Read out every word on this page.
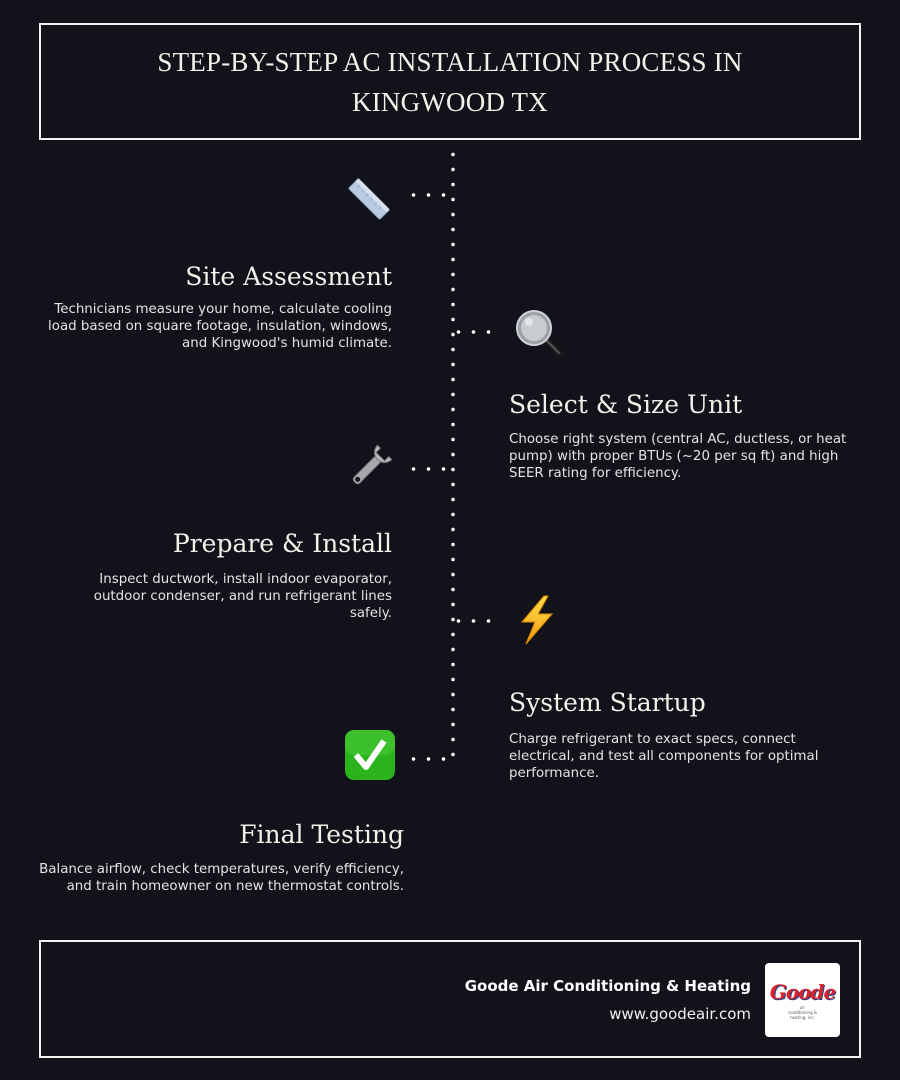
STEP-BY-STEP AC INSTALLATION PROCESS IN KINGWOOD TX
Site Assessment

Technicians measure your home, calculate cooling load based on square footage, insulation, windows, and Kingwood's humid climate.

Select & Size Unit

Choose right system (central AC, ductless, or heat pump) with proper BTUs (~20 per sq ft) and high SEER rating for efficiency.

Prepare & Install

Inspect ductwork, install indoor evaporator, outdoor condenser, and run refrigerant lines safely.

System Startup

Charge refrigerant to exact specs, connect electrical, and test all components for optimal performance.

Final Testing

Balance airflow, check temperatures, verify efficiency, and train homeowner on new thermostat controls.

Goode Air Conditioning & Heating
www.goodeair.com
Goode
air conditioning & heating, inc.
